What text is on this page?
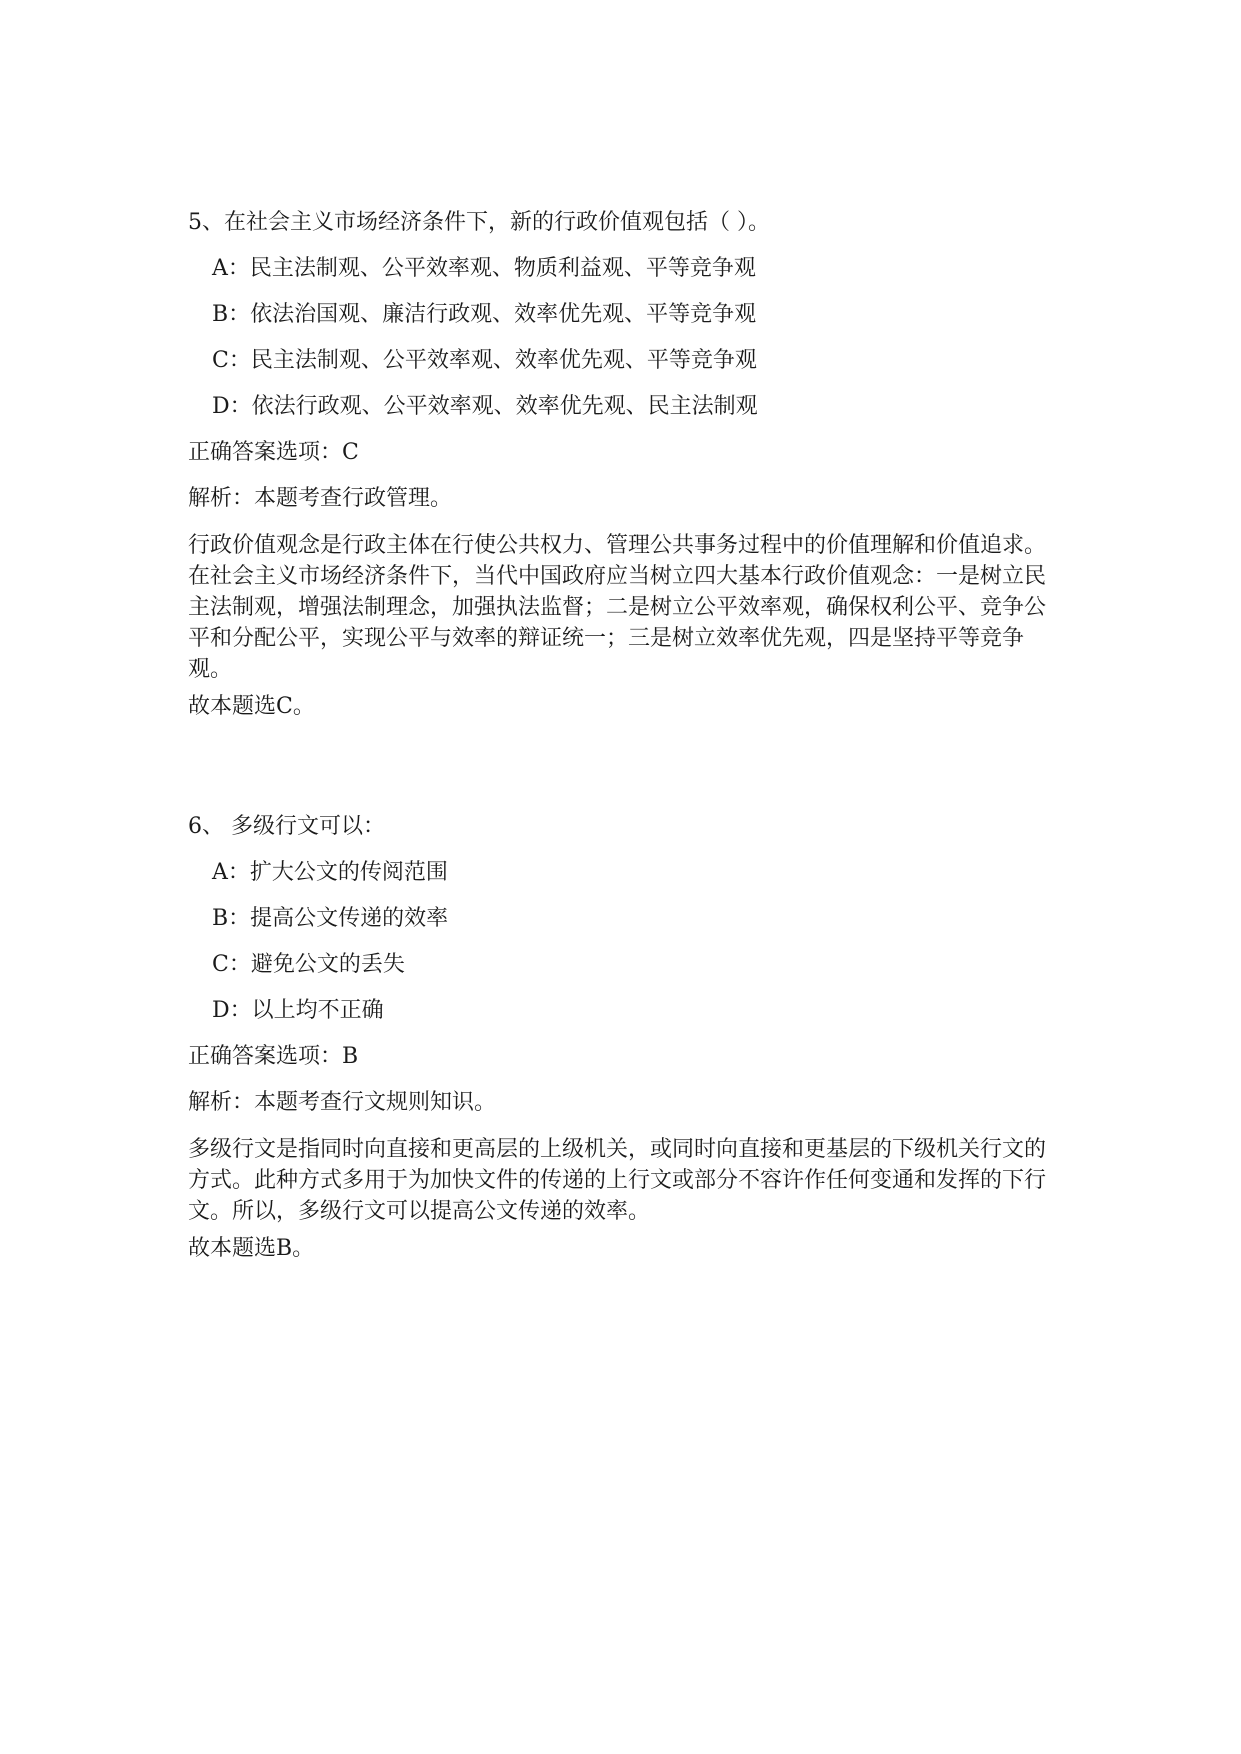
5、在社会主义市场经济条件下，新的行政价值观包括（ ）。
A：民主法制观、公平效率观、物质利益观、平等竞争观
B：依法治国观、廉洁行政观、效率优先观、平等竞争观
C：民主法制观、公平效率观、效率优先观、平等竞争观
D：依法行政观、公平效率观、效率优先观、民主法制观
正确答案选项：C
解析：本题考查行政管理。
行政价值观念是行政主体在行使公共权力、管理公共事务过程中的价值理解和价值追求。在社会主义市场经济条件下，当代中国政府应当树立四大基本行政价值观念：一是树立民主法制观，增强法制理念，加强执法监督；二是树立公平效率观，确保权利公平、竞争公平和分配公平，实现公平与效率的辩证统一；三是树立效率优先观，四是坚持平等竞争观。
故本题选C。
6、 多级行文可以：
A：扩大公文的传阅范围
B：提高公文传递的效率
C：避免公文的丢失
D：以上均不正确
正确答案选项：B
解析：本题考查行文规则知识。
多级行文是指同时向直接和更高层的上级机关，或同时向直接和更基层的下级机关行文的方式。此种方式多用于为加快文件的传递的上行文或部分不容许作任何变通和发挥的下行文。所以，多级行文可以提高公文传递的效率。
故本题选B。
